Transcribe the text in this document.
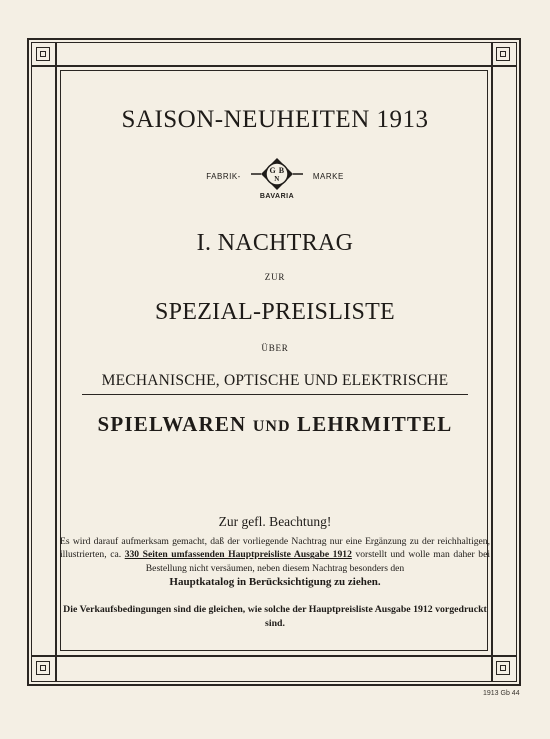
SAISON-NEUHEITEN 1913
FABRIK-
G B
N
BAVARIA
MARKE
I. NACHTRAG
ZUR
SPEZIAL-PREISLISTE
ÜBER
MECHANISCHE, OPTISCHE UND ELEKTRISCHE
SPIELWAREN UND LEHRMITTEL
Zur gefl. Beachtung!
Es wird darauf aufmerksam gemacht, daß der vorliegende Nachtrag nur eine Ergänzung zu der reichhaltigen, illustrierten, ca. 330 Seiten umfassenden Hauptpreisliste Ausgabe 1912 vorstellt und wolle man daher bei Bestellung nicht versäumen, neben diesem Nachtrag besonders den
Hauptkatalog in Berücksichtigung zu ziehen.
Die Verkaufsbedingungen sind die gleichen, wie solche der Hauptpreisliste Ausgabe 1912 vorgedruckt sind.
1913 Gb 44
